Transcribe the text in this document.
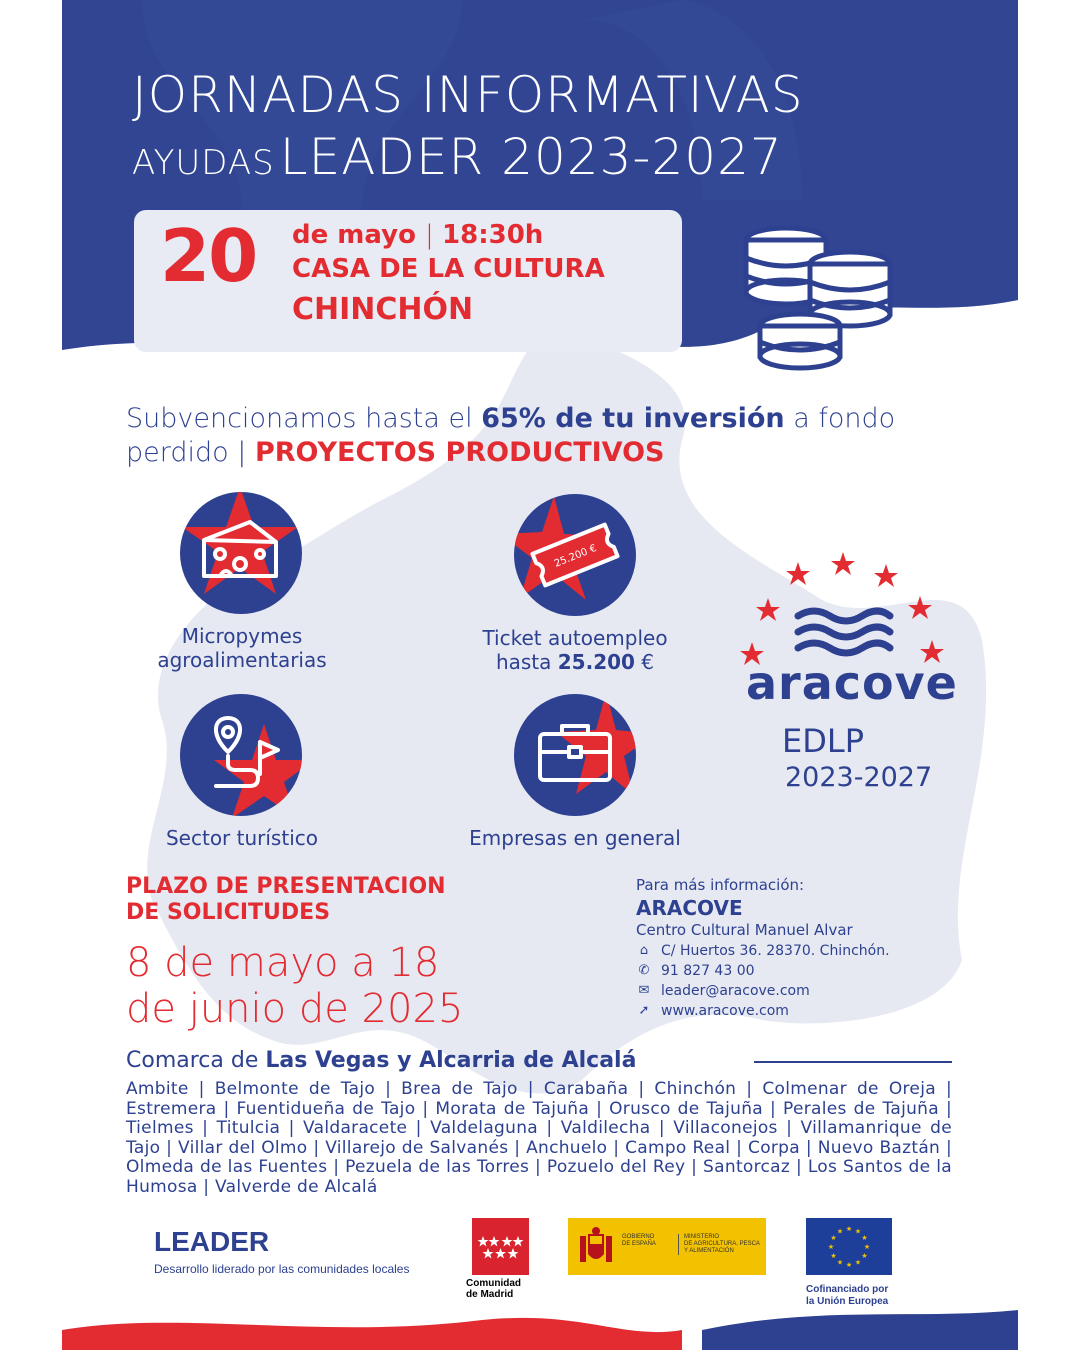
JORNADAS INFORMATIVAS
AYUDAS LEADER 2023-2027
20 de mayo | 18:30h
CASA DE LA CULTURA
CHINCHÓN
Subvencionamos hasta el 65% de tu inversión a fondo perdido | PROYECTOS PRODUCTIVOS
Micropymes
agroalimentarias
25.200 €
Ticket autoempleo
hasta 25.200 €
Sector turístico	Empresas en general
aracove
EDLP
2023-2027
PLAZO DE PRESENTACION
DE SOLICITUDES
8 de mayo a 18
de junio de 2025
Para más información:
ARACOVE
Centro Cultural Manuel Alvar
⌂ C/ Huertos 36. 28370. Chinchón.
✆ 91 827 43 00
✉ leader@aracove.com
➚ www.aracove.com
Comarca de Las Vegas y Alcarria de Alcalá
Ambite | Belmonte de Tajo | Brea de Tajo | Carabaña | Chinchón | Colmenar de Oreja | Estremera | Fuentidueña de Tajo | Morata de Tajuña | Orusco de Tajuña | Perales de Tajuña | Tielmes | Titulcia | Valdaracete | Valdelaguna | Valdilecha | Villaconejos | Villamanrique de Tajo | Villar del Olmo | Villarejo de Salvanés | Anchuelo | Campo Real | Corpa | Nuevo Baztán | Olmeda de las Fuentes | Pezuela de las Torres | Pozuelo del Rey | Santorcaz | Los Santos de la Humosa | Valverde de Alcalá
LEADER
Desarrollo liderado por las comunidades locales
Comunidad
de Madrid
GOBIERNO
DE ESPAÑA
MINISTERIO
DE AGRICULTURA, PESCA
Y ALIMENTACIÓN
★ ★
★
★
★
★
★
★
★
★
★
★
Cofinanciado por
la Unión Europea
